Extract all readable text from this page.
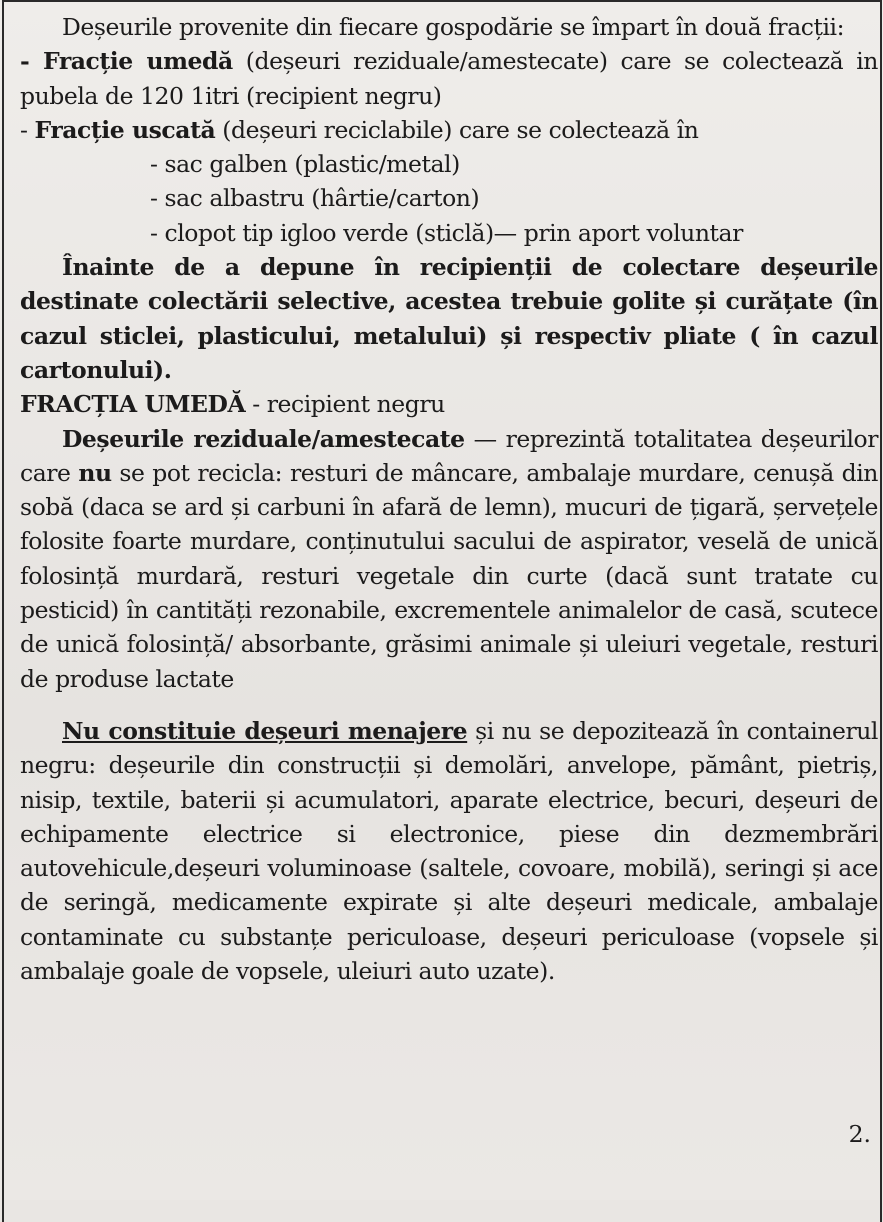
Deșeurile provenite din fiecare gospodărie se împart în două fracții:

- Fracție umedă (deșeuri reziduale/amestecate) care se colectează in pubela de 120 1itri (recipient negru)

- Fracție uscată (deșeuri reciclabile) care se colectează în

- sac galben (plastic/metal)

- sac albastru (hârtie/carton)

- clopot tip igloo verde (sticlă)— prin aport voluntar

Înainte de a depune în recipienții de colectare deșeurile destinate colectării selective, acestea trebuie golite și curățate (în cazul sticlei, plasticului, metalului) și respectiv pliate ( în cazul cartonului).

FRACȚIA UMEDĂ - recipient negru

Deșeurile reziduale/amestecate — reprezintă totalitatea deșeurilor care nu se pot recicla: resturi de mâncare, ambalaje murdare, cenușă din sobă (daca se ard și carbuni în afară de lemn), mucuri de țigară, șervețele folosite foarte murdare, conținutului sacului de aspirator, veselă de unică folosință murdară, resturi vegetale din curte (dacă sunt tratate cu pesticid) în cantități rezonabile, excrementele animalelor de casă, scutece de unică folosință/ absorbante, grăsimi animale și uleiuri vegetale, resturi de produse lactate

Nu constituie deșeuri menajere și nu se depozitează în containerul negru: deșeurile din construcții și demolări, anvelope, pământ, pietriș, nisip, textile, baterii și acumulatori, aparate electrice, becuri, deșeuri de echipamente electrice si electronice, piese din dezmembrări autovehicule,deșeuri voluminoase (saltele, covoare, mobilă), seringi și ace de seringă, medicamente expirate și alte deșeuri medicale, ambalaje contaminate cu substanțe periculoase, deșeuri periculoase (vopsele și ambalaje goale de vopsele, uleiuri auto uzate).

2.
